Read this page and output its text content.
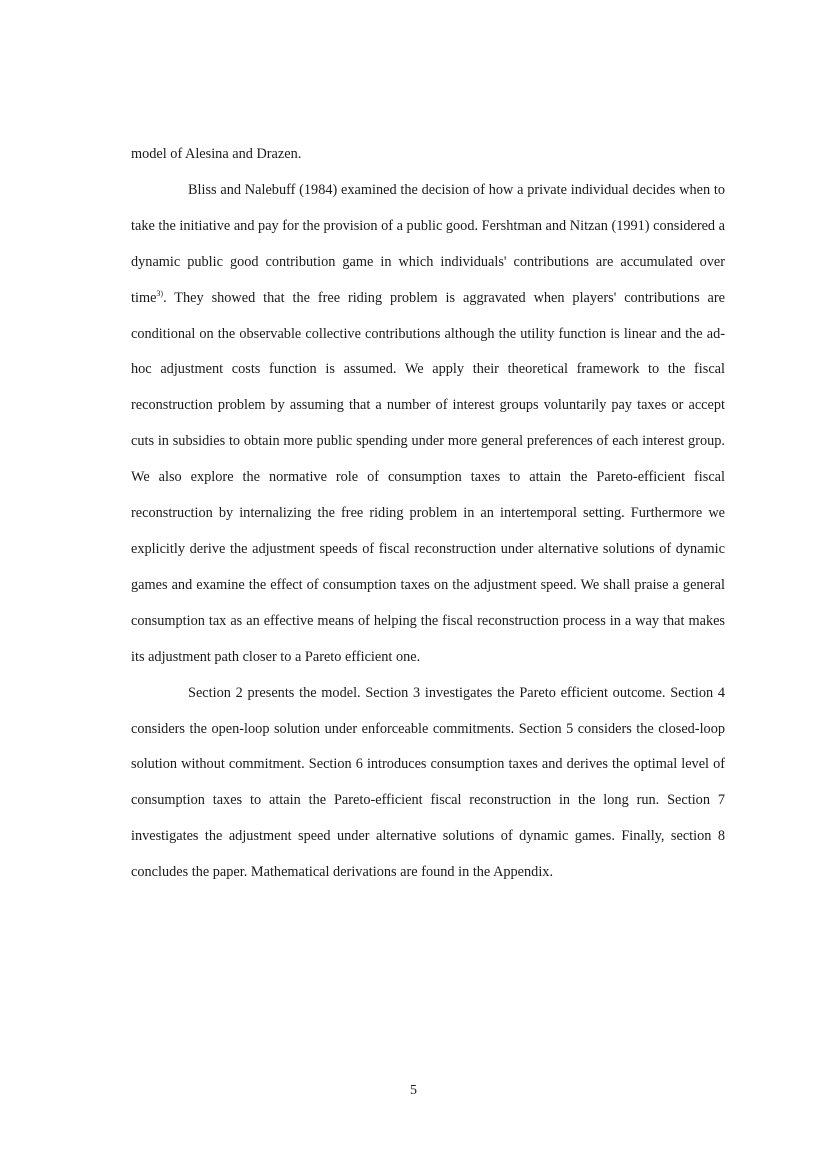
model of Alesina and Drazen.

Bliss and Nalebuff (1984) examined the decision of how a private individual decides when to take the initiative and pay for the provision of a public good. Fershtman and Nitzan (1991) considered a dynamic public good contribution game in which individuals' contributions are accumulated over time$^{3)}$. They showed that the free riding problem is aggravated when players' contributions are conditional on the observable collective contributions although the utility function is linear and the ad-hoc adjustment costs function is assumed. We apply their theoretical framework to the fiscal reconstruction problem by assuming that a number of interest groups voluntarily pay taxes or accept cuts in subsidies to obtain more public spending under more general preferences of each interest group. We also explore the normative role of consumption taxes to attain the Pareto-efficient fiscal reconstruction by internalizing the free riding problem in an intertemporal setting. Furthermore we explicitly derive the adjustment speeds of fiscal reconstruction under alternative solutions of dynamic games and examine the effect of consumption taxes on the adjustment speed. We shall praise a general consumption tax as an effective means of helping the fiscal reconstruction process in a way that makes its adjustment path closer to a Pareto efficient one.

Section 2 presents the model. Section 3 investigates the Pareto efficient outcome. Section 4 considers the open-loop solution under enforceable commitments. Section 5 considers the closed-loop solution without commitment. Section 6 introduces consumption taxes and derives the optimal level of consumption taxes to attain the Pareto-efficient fiscal reconstruction in the long run. Section 7 investigates the adjustment speed under alternative solutions of dynamic games. Finally, section 8 concludes the paper. Mathematical derivations are found in the Appendix.

5
